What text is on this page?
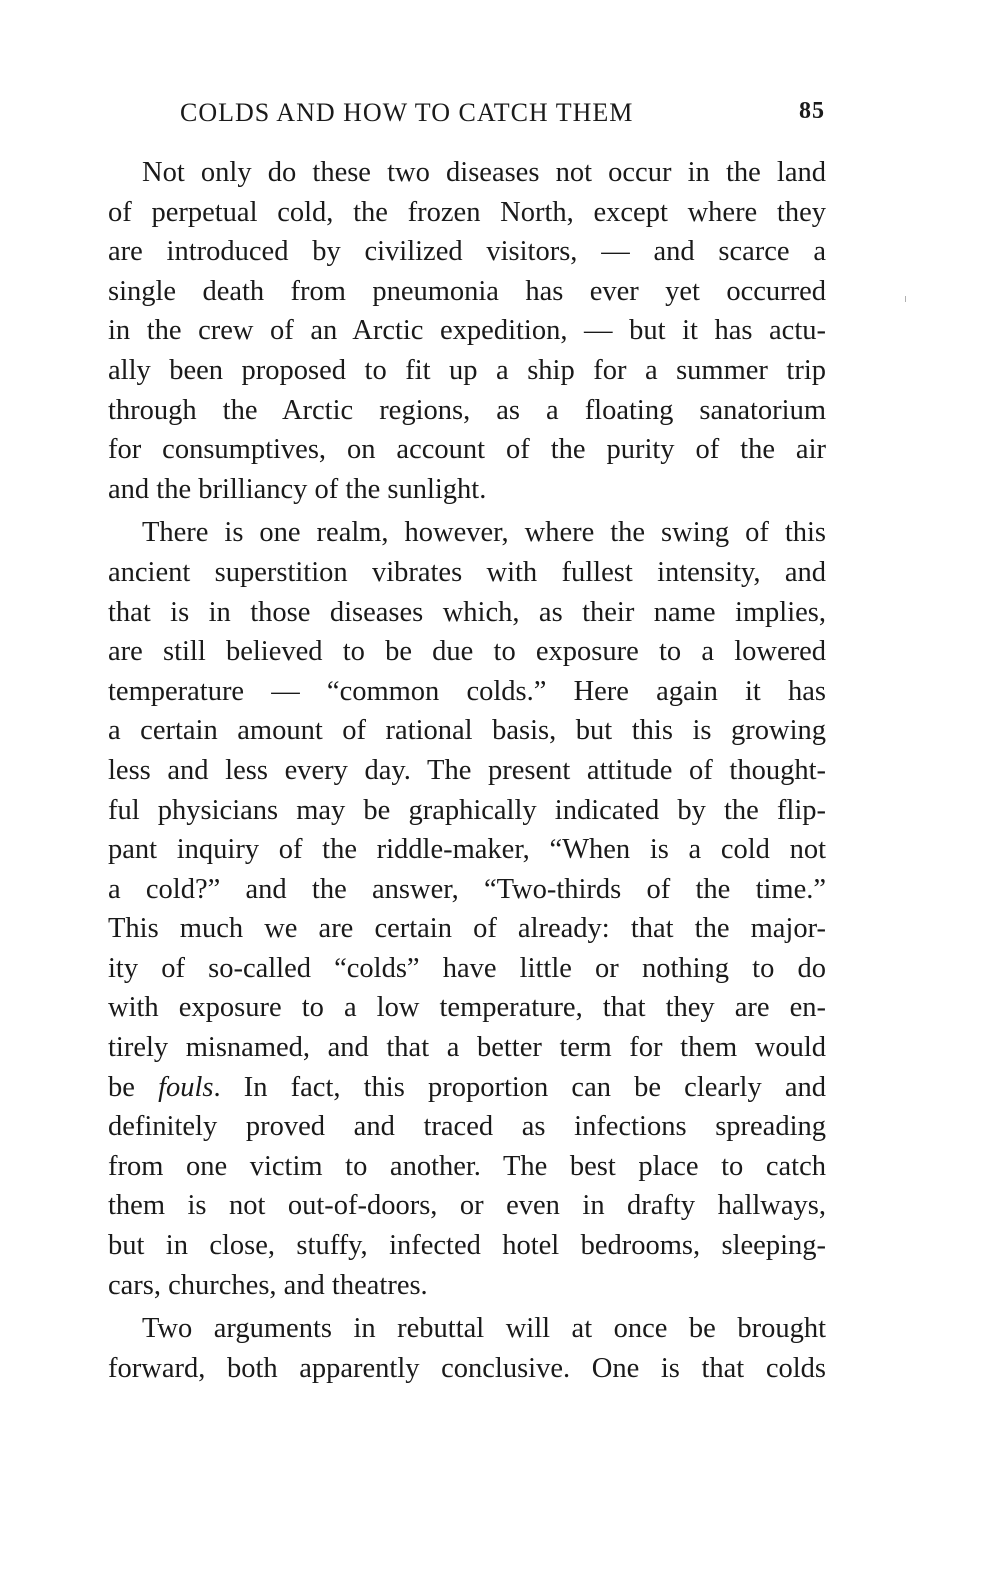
COLDS AND HOW TO CATCH THEM	85
Not only do these two diseases not occur in the land
of perpetual cold, the frozen North, except where they
are introduced by civilized visitors, — and scarce a
single death from pneumonia has ever yet occurred
in the crew of an Arctic expedition, — but it has actu-
ally been proposed to fit up a ship for a summer trip
through the Arctic regions, as a floating sanatorium
for consumptives, on account of the purity of the air
and the brilliancy of the sunlight.
There is one realm, however, where the swing of this
ancient superstition vibrates with fullest intensity, and
that is in those diseases which, as their name implies,
are still believed to be due to exposure to a lowered
temperature — “common colds.” Here again it has
a certain amount of rational basis, but this is growing
less and less every day. The present attitude of thought-
ful physicians may be graphically indicated by the flip-
pant inquiry of the riddle-maker, “When is a cold not
a cold?” and the answer, “Two-thirds of the time.”
This much we are certain of already: that the major-
ity of so-called “colds” have little or nothing to do
with exposure to a low temperature, that they are en-
tirely misnamed, and that a better term for them would
be fouls. In fact, this proportion can be clearly and
definitely proved and traced as infections spreading
from one victim to another. The best place to catch
them is not out-of-doors, or even in drafty hallways,
but in close, stuffy, infected hotel bedrooms, sleeping-
cars, churches, and theatres.
Two arguments in rebuttal will at once be brought
forward, both apparently conclusive. One is that colds
